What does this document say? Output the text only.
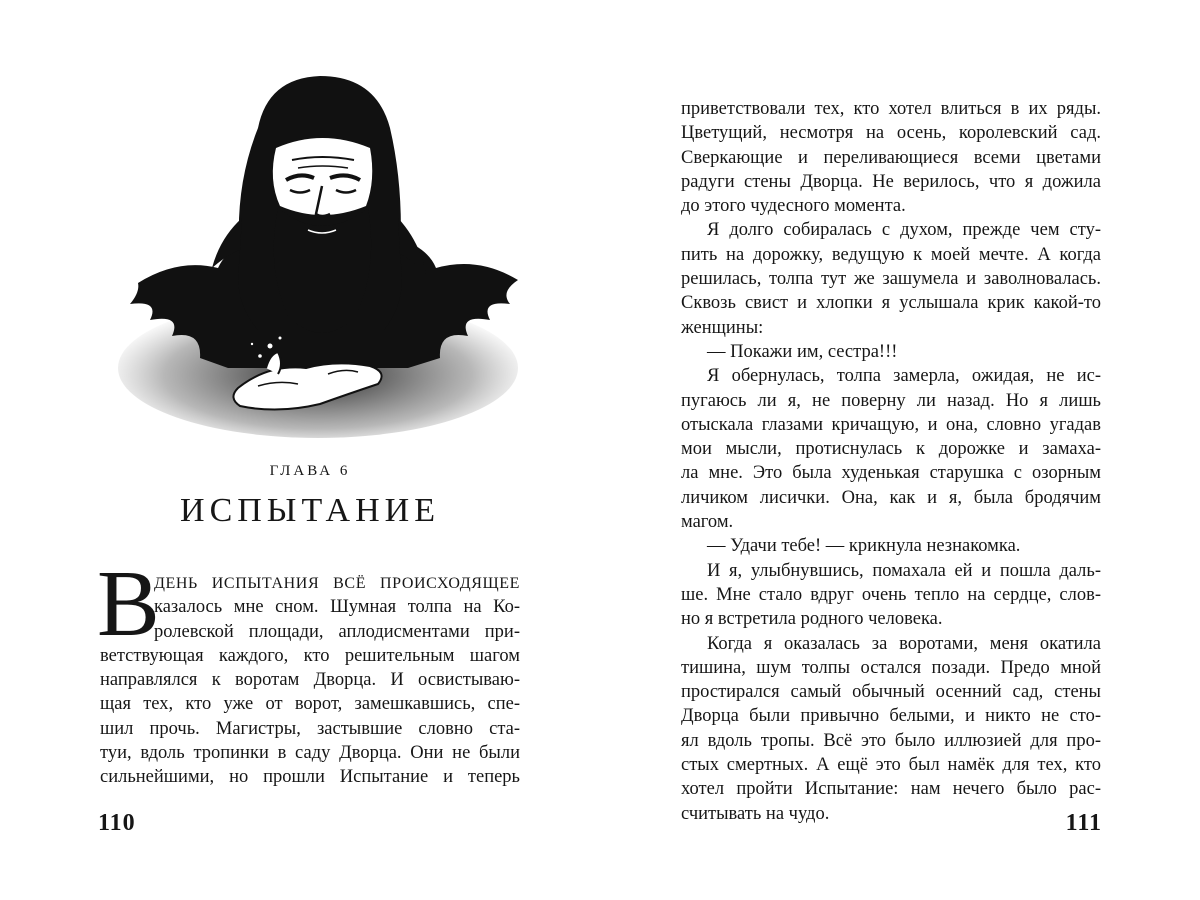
ГЛАВА 6
ИСПЫТАНИЕ
В
ДЕНЬ ИСПЫТАНИЯ ВСЁ ПРОИСХОДЯЩЕЕ
казалось мне сном. Шумная толпа на Ко-
ролевской площади, аплодисментами при-
ветствующая каждого, кто решительным шагом
направлялся к воротам Дворца. И освистываю-
щая тех, кто уже от ворот, замешкавшись, спе-
шил прочь. Магистры, застывшие словно ста-
туи, вдоль тропинки в саду Дворца. Они не были
сильнейшими, но прошли Испытание и теперь
110
приветствовали тех, кто хотел влиться в их ряды.
Цветущий, несмотря на осень, королевский сад.
Сверкающие и переливающиеся всеми цветами
радуги стены Дворца. Не верилось, что я дожила
до этого чудесного момента.
Я долго собиралась с духом, прежде чем сту-
пить на дорожку, ведущую к моей мечте. А когда
решилась, толпа тут же зашумела и заволновалась.
Сквозь свист и хлопки я услышала крик какой-то
женщины:
— Покажи им, сестра!!!
Я обернулась, толпа замерла, ожидая, не ис-
пугаюсь ли я, не поверну ли назад. Но я лишь
отыскала глазами кричащую, и она, словно угадав
мои мысли, протиснулась к дорожке и замаха-
ла мне. Это была худенькая старушка с озорным
личиком лисички. Она, как и я, была бродячим
магом.
— Удачи тебе! — крикнула незнакомка.
И я, улыбнувшись, помахала ей и пошла даль-
ше. Мне стало вдруг очень тепло на сердце, слов-
но я встретила родного человека.
Когда я оказалась за воротами, меня окатила
тишина, шум толпы остался позади. Предо мной
простирался самый обычный осенний сад, стены
Дворца были привычно белыми, и никто не сто-
ял вдоль тропы. Всё это было иллюзией для про-
стых смертных. А ещё это был намёк для тех, кто
хотел пройти Испытание: нам нечего было рас-
считывать на чудо.	111
